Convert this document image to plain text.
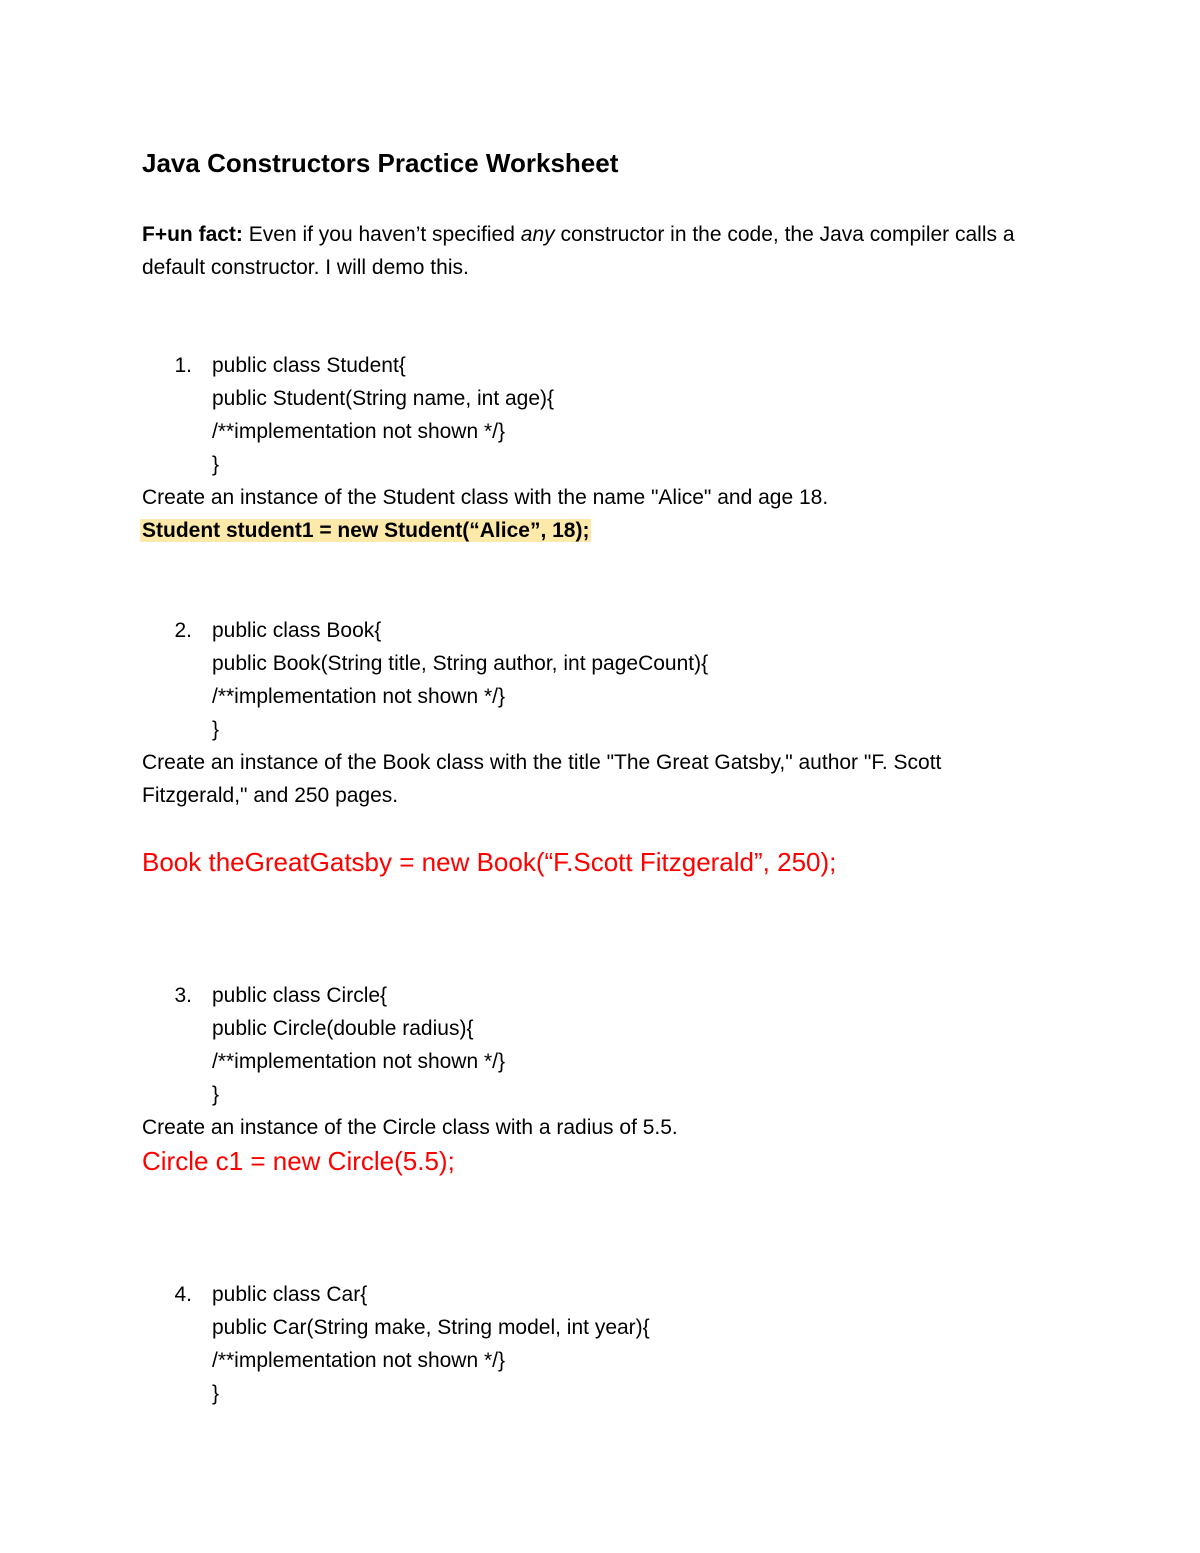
Java Constructors Practice Worksheet
F+un fact: Even if you haven’t specified any constructor in the code, the Java compiler calls a default constructor. I will demo this.
1. public class Student{
public Student(String name, int age){
/**implementation not shown */}
}
Create an instance of the Student class with the name "Alice" and age 18.
Student student1 = new Student(“Alice”, 18);
2. public class Book{
public Book(String title, String author, int pageCount){
/**implementation not shown */}
}
Create an instance of the Book class with the title "The Great Gatsby," author "F. Scott
Fitzgerald," and 250 pages.
Book theGreatGatsby = new Book(“F.Scott Fitzgerald”, 250);
3. public class Circle{
public Circle(double radius){
/**implementation not shown */}
}
Create an instance of the Circle class with a radius of 5.5.
Circle c1 = new Circle(5.5);
4. public class Car{
public Car(String make, String model, int year){
/**implementation not shown */}
}
